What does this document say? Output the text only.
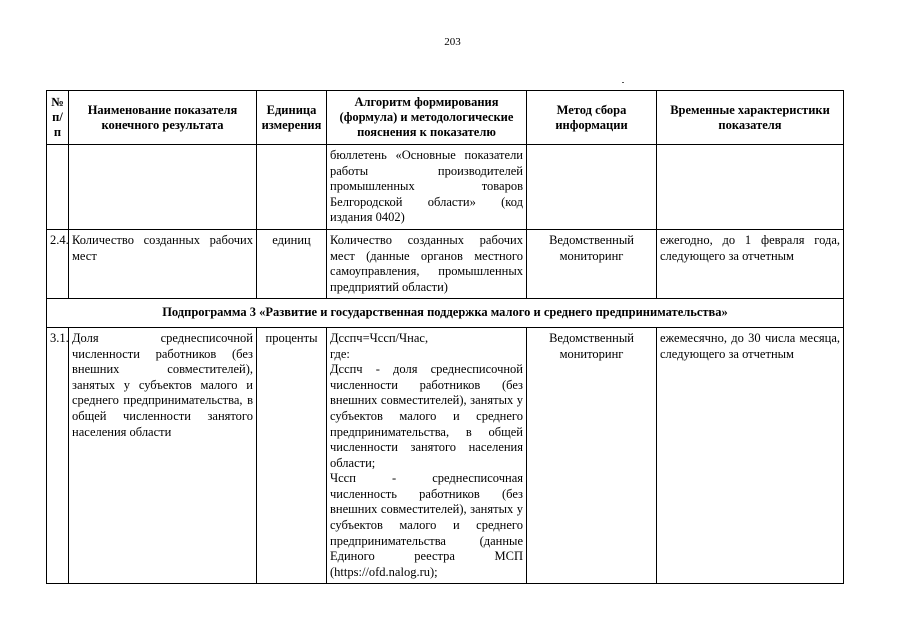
203
№ п/п	Наименование показателя конечного результата	Единица измерения	Алгоритм формирования (формула) и методологические пояснения к показателю	Метод сбора информации	Временные характеристики показателя

			бюллетень «Основные показатели
работы производителей
промышленных товаров
Белгородской области» (код
издания 0402)		

2.4.	Количество созданных рабочих мест	единиц	Количество созданных рабочих мест (данные органов местного самоуправления, промышленных предприятий области)	Ведомственный мониторинг	ежегодно, до 1 февраля года, следующего за отчетным
Подпрограмма 3 «Развитие и государственная поддержка малого и среднего предпринимательства»					
3.1.	Доля среднесписочной численности работников (без внешних совместителей), занятых у субъектов малого и среднего предпринимательства, в общей численности занятого населения области	проценты	Дсспч=Чссп/Чнас,
где:
Дсспч - доля среднесписочной численности работников (без внешних совместителей), занятых у субъектов малого и среднего предпринимательства, в общей численности занятого населения области;
Чссп - среднесписочная численность работников (без внешних совместителей), занятых у субъектов малого и среднего предпринимательства (данные Единого реестра МСП (https://ofd.nalog.ru);	Ведомственный мониторинг	ежемесячно, до 30 числа месяца, следующего за отчетным
